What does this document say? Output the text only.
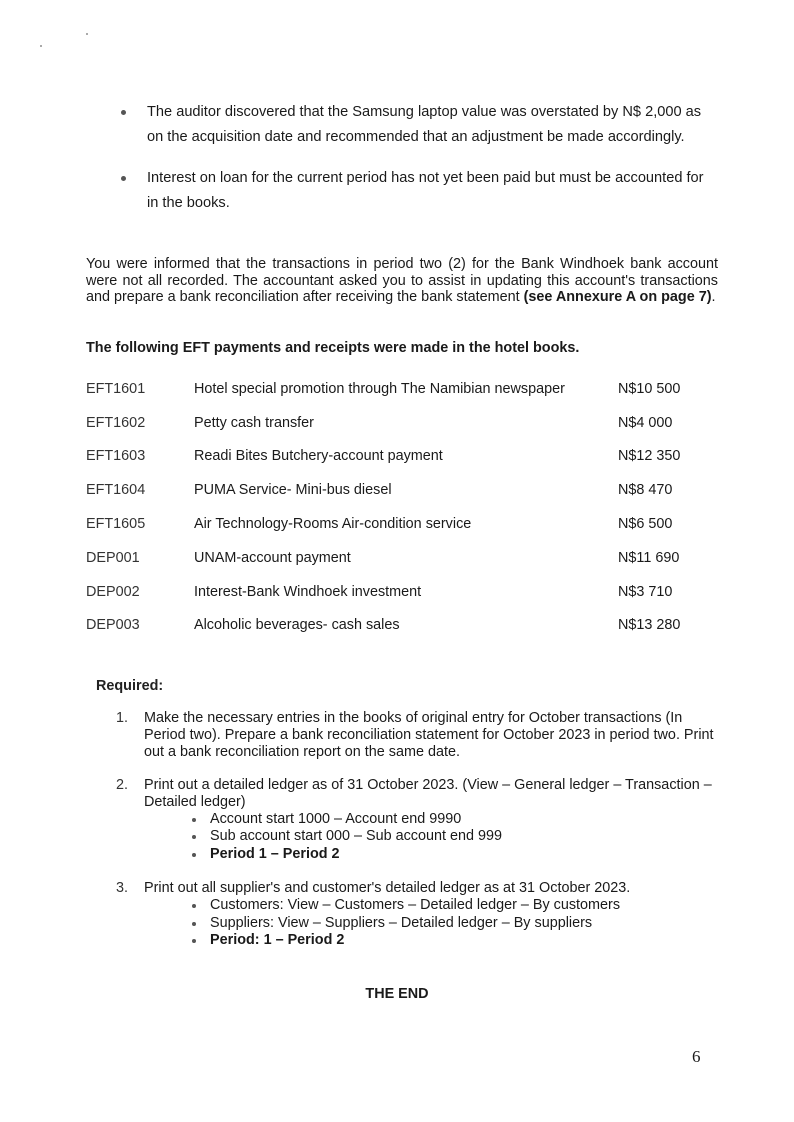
The auditor discovered that the Samsung laptop value was overstated by N$ 2,000 as on the acquisition date and recommended that an adjustment be made accordingly.
Interest on loan for the current period has not yet been paid but must be accounted for in the books.

You were informed that the transactions in period two (2) for the Bank Windhoek bank account were not all recorded. The accountant asked you to assist in updating this account's transactions and prepare a bank reconciliation after receiving the bank statement (see Annexure A on page 7).

The following EFT payments and receipts were made in the hotel books.

EFT1601	Hotel special promotion through The Namibian newspaper	N$10 500
EFT1602	Petty cash transfer	N$4 000
EFT1603	Readi Bites Butchery-account payment	N$12 350
EFT1604	PUMA Service- Mini-bus diesel	N$8 470
EFT1605	Air Technology-Rooms Air-condition service	N$6 500
DEP001	UNAM-account payment	N$11 690
DEP002	Interest-Bank Windhoek investment	N$3 710
DEP003	Alcoholic beverages- cash sales	N$13 280

Required:

1. Make the necessary entries in the books of original entry for October transactions (In Period two). Prepare a bank reconciliation statement for October 2023 in period two. Print out a bank reconciliation report on the same date.
2. Print out a detailed ledger as of 31 October 2023. (View – General ledger – Transaction – Detailed ledger)
Account start 1000 – Account end 9990
Sub account start 000 – Sub account end 999
Period 1 – Period 2
3. Print out all supplier's and customer's detailed ledger as at 31 October 2023.
Customers: View – Customers – Detailed ledger – By customers
Suppliers: View – Suppliers – Detailed ledger – By suppliers
Period: 1 – Period 2

THE END

6
